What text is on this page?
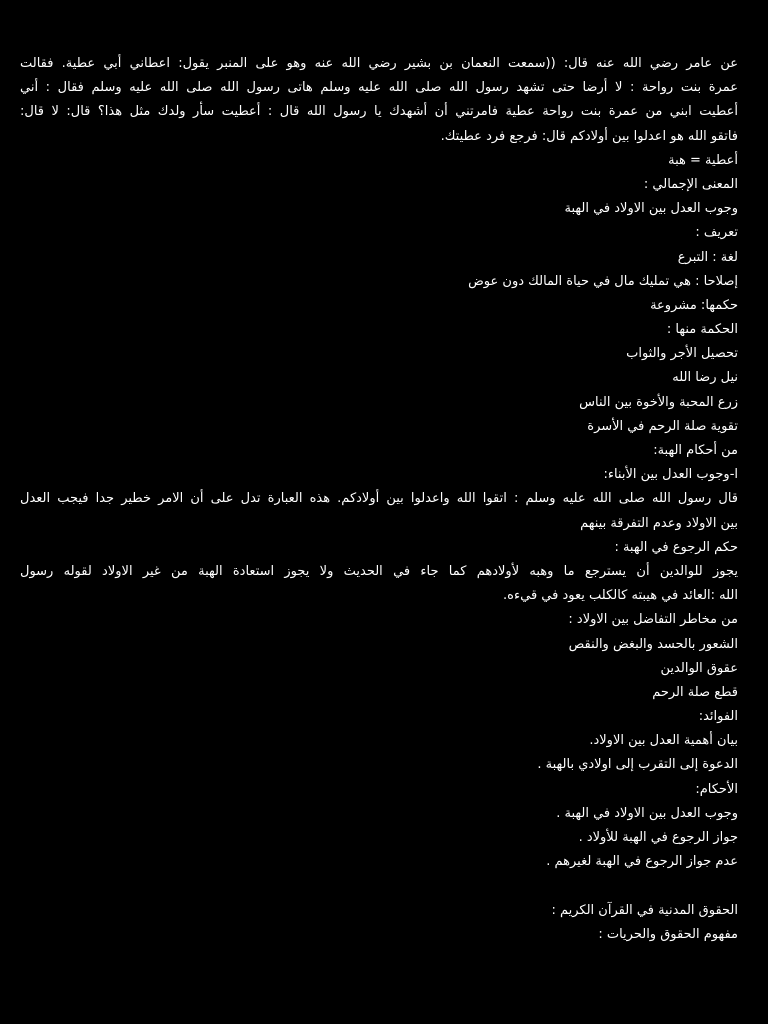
عن عامر رضي الله عنه قال: ((سمعت النعمان بن بشير رضي الله عنه وهو على المنبر يقول: اعطاني أبي عطية. فقالت
عمرة بنت رواحة : لا أرضا حتى تشهد رسول الله صلى الله عليه وسلم هاتى رسول الله صلى الله عليه وسلم فقال : أني
أعطيت ابني من عمرة بنت رواحة عطية فامرتني أن أشهدك يا رسول الله قال : أعطيت سأر ولدك مثل هذا؟ قال: لا قال:
فاتقو الله هو اعدلوا بين أولادكم قال: فرجع فرد عطيتك.
أعطية = هبة
المعنى الإجمالي :
وجوب العدل بين الاولاد في الهبة
تعريف :
لغة : التبرع
إصلاحا : هي تمليك مال في حياة المالك دون عوض
حكمها: مشروعة
الحكمة منها :
تحصيل الأجر والثواب
نيل رضا الله
زرع المحبة والأخوة بين الناس
تقوية صلة الرحم في الأسرة
من أحكام الهبة:
ا-وجوب العدل بين الأبناء:
قال رسول الله صلى الله عليه وسلم : اتقوا الله واعدلوا بين أولادكم. هذه العبارة تدل على أن الامر خطير جدا فيجب العدل
بين الاولاد وعدم التفرقة بينهم
حكم الرجوع في الهبة :
يجوز للوالدين أن يسترجع ما وهبه لأولادهم كما جاء في الحديث ولا يجوز استعادة الهبة من غير الاولاد لقوله رسول
الله :العائد في هيبته كالكلب يعود في قيءه.
من مخاطر التفاضل بين الاولاد :
الشعور بالحسد والبغض والنقص
عقوق الوالدين
قطع صلة الرحم
الفوائد:
بيان أهمية العدل بين الاولاد.
الدعوة إلى التقرب إلى اولادي بالهبة .
الأحكام:
وجوب العدل بين الاولاد في الهبة .
جواز الرجوع في الهبة للأولاد .
عدم جواز الرجوع في الهبة لغيرهم .
الحقوق المدنية في القرآن الكريم :
مفهوم الحقوق والحريات :
